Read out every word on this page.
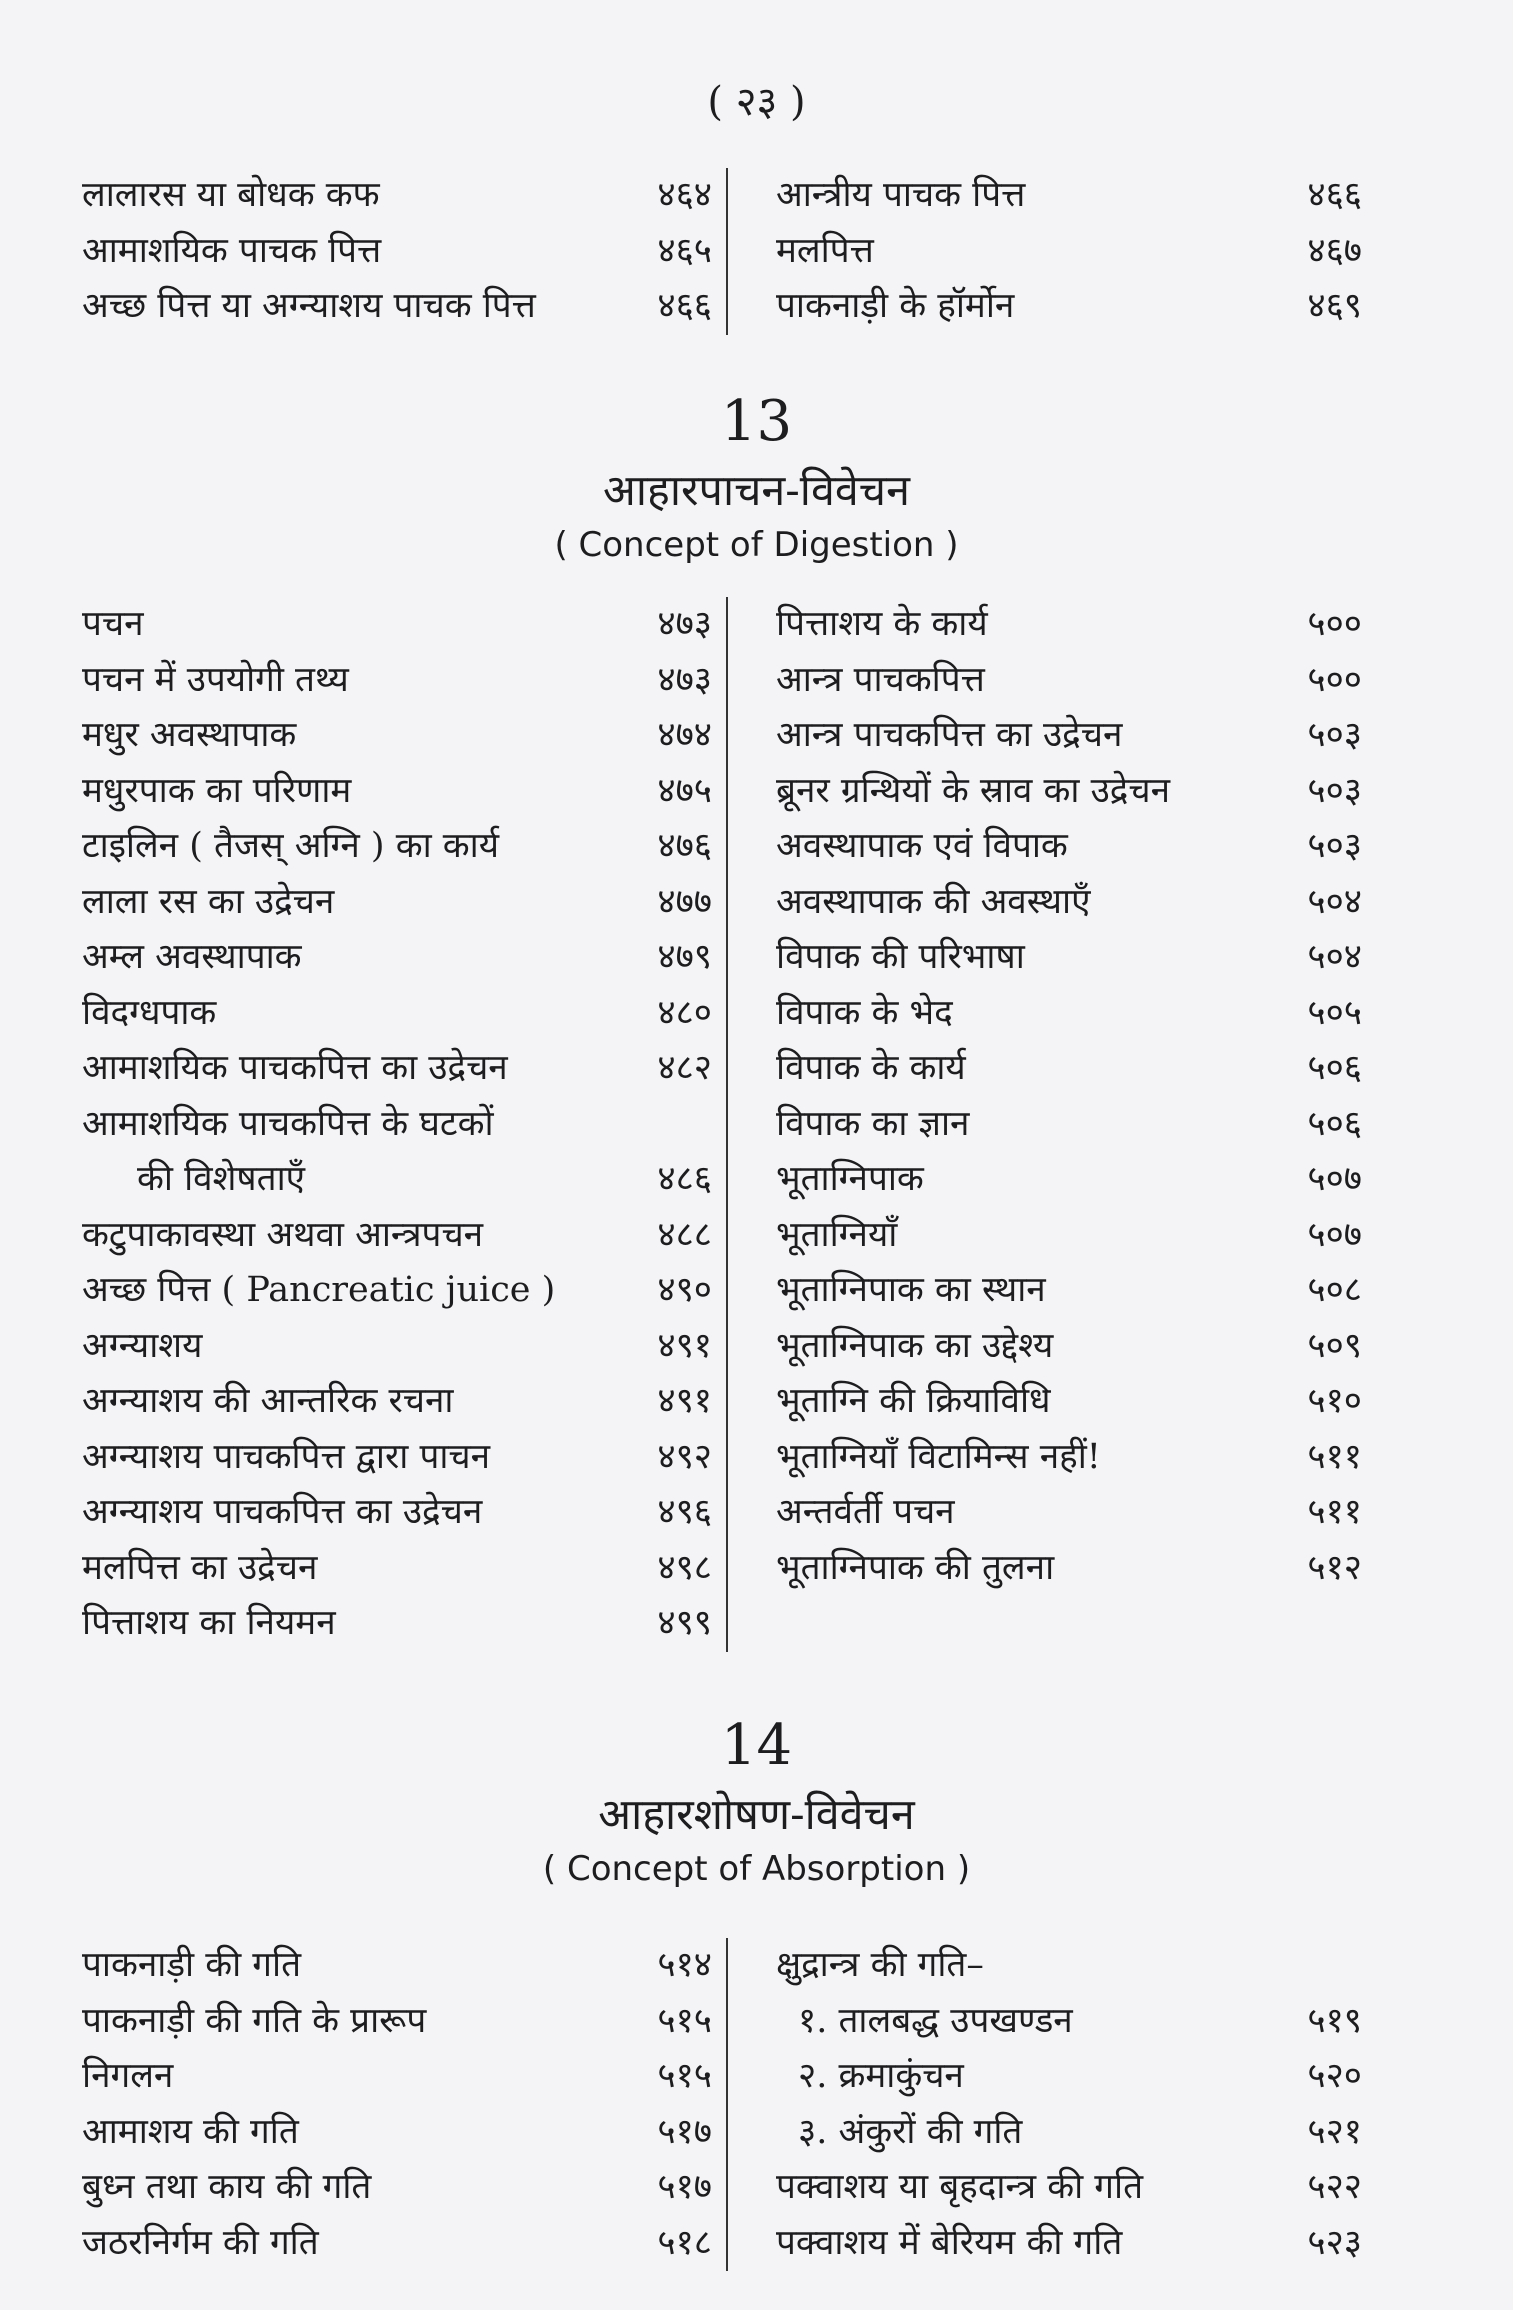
( २३ )
लालारस या बोधक कफ	४६४
आमाशयिक पाचक पित्त	४६५
अच्छ पित्त या अग्न्याशय पाचक पित्त	४६६
आन्त्रीय पाचक पित्त	४६६
मलपित्त	४६७
पाकनाड़ी के हॉर्मोन	४६९
13
आहारपाचन-विवेचन
( Concept of Digestion )
पचन	४७३
पचन में उपयोगी तथ्य	४७३
मधुर अवस्थापाक	४७४
मधुरपाक का परिणाम	४७५
टाइलिन ( तैजस् अग्नि ) का कार्य	४७६
लाला रस का उद्रेचन	४७७
अम्ल अवस्थापाक	४७९
विदग्धपाक	४८०
आमाशयिक पाचकपित्त का उद्रेचन	४८२
आमाशयिक पाचकपित्त के घटकों
की विशेषताएँ	४८६
कटुपाकावस्था अथवा आन्त्रपचन	४८८
अच्छ पित्त ( Pancreatic juice )	४९०
अग्न्याशय	४९१
अग्न्याशय की आन्तरिक रचना	४९१
अग्न्याशय पाचकपित्त द्वारा पाचन	४९२
अग्न्याशय पाचकपित्त का उद्रेचन	४९६
मलपित्त का उद्रेचन	४९८
पित्ताशय का नियमन	४९९
पित्ताशय के कार्य	५००
आन्त्र पाचकपित्त	५००
आन्त्र पाचकपित्त का उद्रेचन	५०३
ब्रूनर ग्रन्थियों के स्राव का उद्रेचन	५०३
अवस्थापाक एवं विपाक	५०३
अवस्थापाक की अवस्थाएँ	५०४
विपाक की परिभाषा	५०४
विपाक के भेद	५०५
विपाक के कार्य	५०६
विपाक का ज्ञान	५०६
भूताग्निपाक	५०७
भूताग्नियाँ	५०७
भूताग्निपाक का स्थान	५०८
भूताग्निपाक का उद्देश्य	५०९
भूताग्नि की क्रियाविधि	५१०
भूताग्नियाँ विटामिन्स नहीं!	५११
अन्तर्वर्ती पचन	५११
भूताग्निपाक की तुलना	५१२
14
आहारशोषण-विवेचन
( Concept of Absorption )
पाकनाड़ी की गति	५१४
पाकनाड़ी की गति के प्रारूप	५१५
निगलन	५१५
आमाशय की गति	५१७
बुध्न तथा काय की गति	५१७
जठरनिर्गम की गति	५१८
क्षुद्रान्त्र की गति–
१. तालबद्ध उपखण्डन	५१९
२. क्रमाकुंचन	५२०
३. अंकुरों की गति	५२१
पक्वाशय या बृहदान्त्र की गति	५२२
पक्वाशय में बेरियम की गति	५२३
